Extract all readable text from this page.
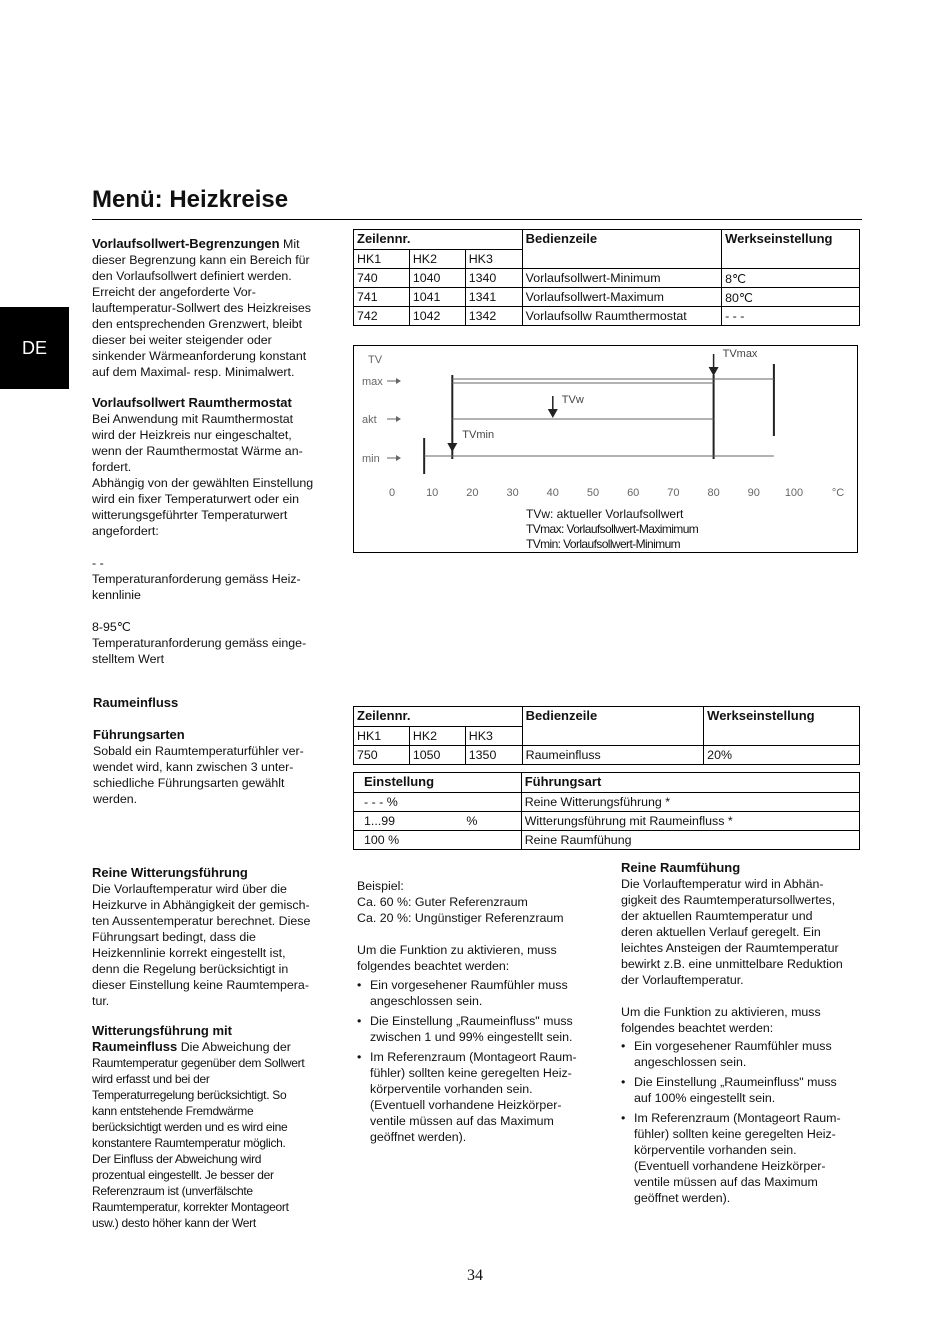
Menü: Heizkreise
DE
Vorlaufsollwert-Begrenzungen Mit
dieser Begrenzung kann ein Bereich für
den Vorlaufsollwert definiert werden.
Erreicht der angeforderte Vor-
lauftemperatur-Sollwert des Heizkreises
den entsprechenden Grenzwert, bleibt
dieser bei weiter steigender oder
sinkender Wärmeanforderung konstant
auf dem Maximal- resp. Minimalwert.
Vorlaufsollwert Raumthermostat
Bei Anwendung mit Raumthermostat
wird der Heizkreis nur eingeschaltet,
wenn der Raumthermostat Wärme an-
fordert.
Abhängig von der gewählten Einstellung
wird ein fixer Temperaturwert oder ein
witterungsgeführter Temperaturwert
angefordert:
- -
Temperaturanforderung gemäss Heiz-
kennlinie
8-95℃
Temperaturanforderung gemäss einge-
stelltem Wert
Raumeinfluss
Führungsarten
Sobald ein Raumtemperaturfühler ver-
wendet wird, kann zwischen 3 unter-
schiedliche Führungsarten gewählt
werden.
Reine Witterungsführung
Die Vorlauftemperatur wird über die
Heizkurve in Abhängigkeit der gemisch-
ten Aussentemperatur berechnet. Diese
Führungsart bedingt, dass die
Heizkennlinie korrekt eingestellt ist,
denn die Regelung berücksichtigt in
dieser Einstellung keine Raumtempera-
tur.
Witterungsführung mit
Raumeinfluss Die Abweichung der
Raumtemperatur gegenüber dem Sollwert
wird erfasst und bei der
Temperaturregelung berücksichtigt. So
kann entstehende Fremdwärme
berücksichtigt werden und es wird eine
konstantere Raumtemperatur möglich.
Der Einfluss der Abweichung wird
prozentual eingestellt. Je besser der
Referenzraum ist (unverfälschte
Raumtemperatur, korrekter Montageort
usw.) desto höher kann der Wert
Zeilennr.			Bedienzeile	Werkseinstellung
HK1	HK2	HK3		
740	1040	1340	Vorlaufsollwert-Minimum	8℃
741	1041	1341	Vorlaufsollwert-Maximum	80℃
742	1042	1342	Vorlaufsollw Raumthermostat	- - -
TV
max
akt
min
0	10	20	30	40	50	60	70	80	90 100	°C
TVmax
TVw
TVmin
TVw: aktueller Vorlaufsollwert
TVmax: Vorlaufsollwert-Maximimum
TVmin: Vorlaufsollwert-Minimum
Zeilennr.			Bedienzeile	Werkseinstellung
HK1	HK2	HK3		
750	1050	1350	Raumeinfluss	20%
Einstellung		Führungsart
- - - %		Reine Witterungsführung *
1...99	%	Witterungsführung mit Raumeinfluss *
100 %		Reine Raumfühung
Beispiel:
Ca. 60 %: Guter Referenzraum
Ca. 20 %: Ungünstiger Referenzraum
Um die Funktion zu aktivieren, muss
folgendes beachtet werden:
• Ein vorgesehener Raumfühler muss
angeschlossen sein.
• Die Einstellung „Raumeinfluss" muss
zwischen 1 und 99% eingestellt sein.
• Im Referenzraum (Montageort Raum-
fühler) sollten keine geregelten Heiz-
körperventile vorhanden sein.
(Eventuell vorhandene Heizkörper-
ventile müssen auf das Maximum
geöffnet werden).
Reine Raumfühung
Die Vorlauftemperatur wird in Abhän-
gigkeit des Raumtemperatursollwertes,
der aktuellen Raumtemperatur und
deren aktuellen Verlauf geregelt. Ein
leichtes Ansteigen der Raumtemperatur
bewirkt z.B. eine unmittelbare Reduktion
der Vorlauftemperatur.
Um die Funktion zu aktivieren, muss
folgendes beachtet werden:
• Ein vorgesehener Raumfühler muss
angeschlossen sein.
• Die Einstellung „Raumeinfluss" muss
auf 100% eingestellt sein.
• Im Referenzraum (Montageort Raum-
fühler) sollten keine geregelten Heiz-
körperventile vorhanden sein.
(Eventuell vorhandene Heizkörper-
ventile müssen auf das Maximum
geöffnet werden).
34
